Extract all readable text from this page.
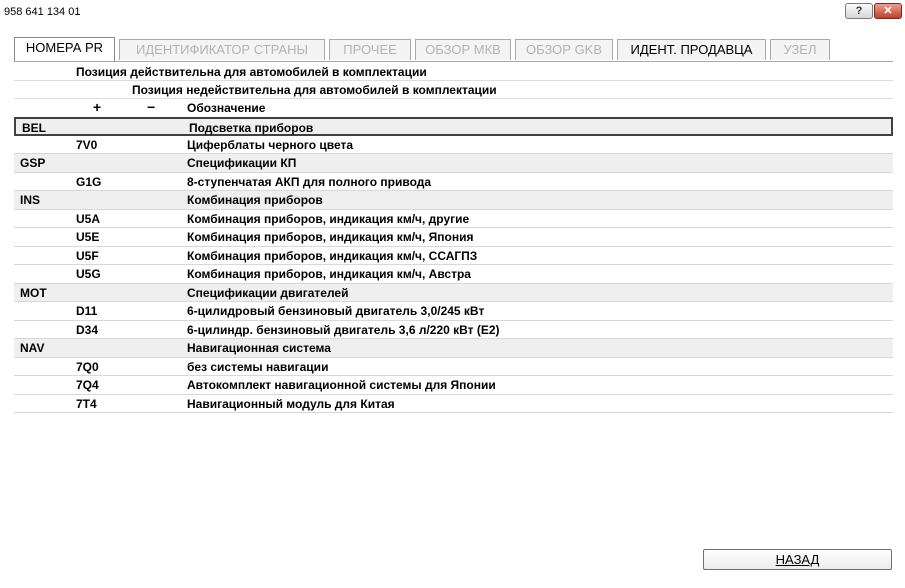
958 641 134 01	?	✕
НОМЕРА PR	ИДЕНТИФИКАТОР СТРАНЫ	ПРОЧЕЕ	ОБЗОР МКВ	ОБЗОР GKB	ИДЕНТ. ПРОДАВЦА	УЗЕЛ
Позиция действительна для автомобилей в комплектации
Позиция недействительна для автомобилей в комплектации
+	−	Обозначение
BEL	Подсветка приборов
7V0	Циферблаты черного цвета
GSP	Спецификации КП
G1G	8-ступенчатая АКП для полного привода
INS	Комбинация приборов
U5A	Комбинация приборов, индикация км/ч, другие
U5E	Комбинация приборов, индикация км/ч, Япония
U5F	Комбинация приборов, индикация км/ч, ССАГПЗ
U5G	Комбинация приборов, индикация км/ч, Австра
MOT	Спецификации двигателей
D11	6-цилидровый бензиновый двигатель 3,0/245 кВт
D34	6-цилиндр. бензиновый двигатель 3,6 л/220 кВт (E2)
NAV	Навигационная система
7Q0	без системы навигации
7Q4	Автокомплект навигационной системы для Японии
7T4	Навигационный модуль для Китая
НАЗАД
